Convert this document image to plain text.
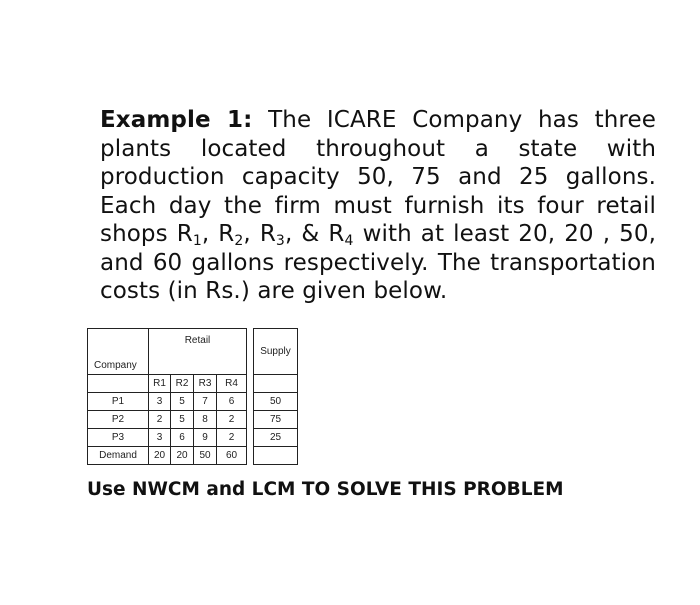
Example 1: The ICARE Company has three plants located throughout a state with production capacity 50, 75 and 25 gallons. Each day the firm must furnish its four retail shops $R_1$, $R_2$, $R_3$, & $R_4$ with at least 20, 20 , 50, and 60 gallons respectively. The transportation costs (in Rs.) are given below.

Company	Retail					Supply

	R1	R2	R3	R4		
P1	3	5	7	6		50
P2	2	5	8	2		75
P3	3	6	9	2		25
Demand	20	20	50	60		

Use NWCM and LCM TO SOLVE THIS PROBLEM
